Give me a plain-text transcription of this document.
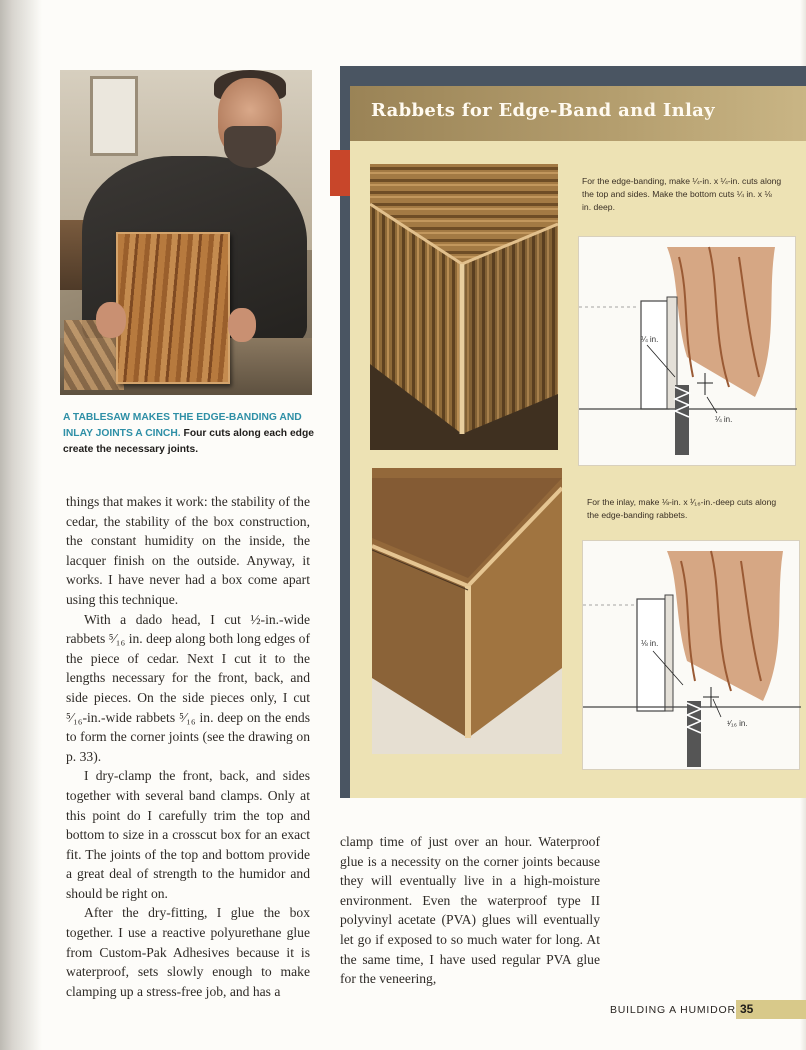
A TABLESAW MAKES THE EDGE-BANDING AND INLAY JOINTS A CINCH. Four cuts along each edge create the necessary joints.

things that makes it work: the stability of the cedar, the stability of the box construction, the constant humidity on the inside, the lacquer finish on the outside. Anyway, it works. I have never had a box come apart using this technique.

With a dado head, I cut ½-in.-wide rabbets ⁵⁄₁₆ in. deep along both long edges of the piece of cedar. Next I cut it to the lengths necessary for the front, back, and side pieces. On the side pieces only, I cut ⁵⁄₁₆-in.-wide rabbets ⁵⁄₁₆ in. deep on the ends to form the corner joints (see the drawing on p. 33).

I dry-clamp the front, back, and sides together with several band clamps. Only at this point do I carefully trim the top and bottom to size in a crosscut box for an exact fit. The joints of the top and bottom provide a great deal of strength to the humidor and should be right on.

After the dry-fitting, I glue the box together. I use a reactive polyurethane glue from Custom-Pak Adhesives because it is waterproof, sets slowly enough to make clamping up a stress-free job, and has a

Rabbets for Edge-Band and Inlay
For the edge-banding, make ¼-in. x ¼-in. cuts along the top and sides. Make the bottom cuts ¼ in. x ⅛ in. deep.
For the inlay, make ⅛-in. x ¹⁄₁₆-in.-deep cuts along the edge-banding rabbets.
¼ in.
¼ in.
⅛ in.
¹⁄₁₆ in.

clamp time of just over an hour. Waterproof glue is a necessity on the corner joints because they will eventually live in a high-moisture environment. Even the waterproof type II polyvinyl acetate (PVA) glues will eventually let go if exposed to so much water for long. At the same time, I have used regular PVA glue for the veneering,

BUILDING A HUMIDOR 35
